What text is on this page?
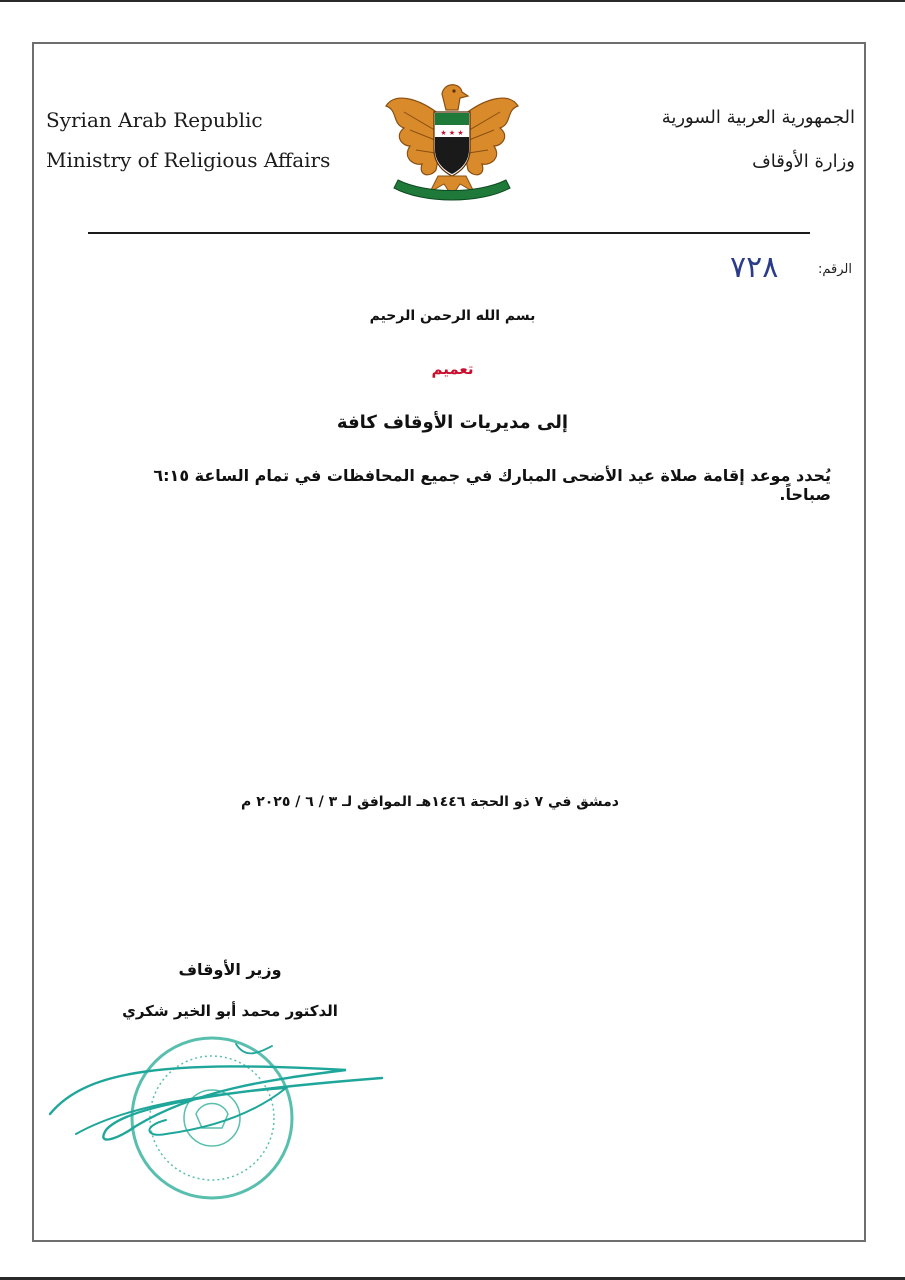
Syrian Arab Republic
Ministry of Religious Affairs
الجمهورية العربية السورية
وزارة الأوقاف
★ ★ ★
الرقم:
٧٢٨
بسم الله الرحمن الرحيم
تعميم
إلى مديريات الأوقاف كافة
يُحدد موعد إقامة صلاة عيد الأضحى المبارك في جميع المحافظات في تمام الساعة ٦:١٥ صباحاً.
دمشق في ٧ ذو الحجة ١٤٤٦هـ الموافق لـ ٣ / ٦ / ٢٠٢٥ م
وزير الأوقاف
الدكتور محمد أبو الخير شكري
